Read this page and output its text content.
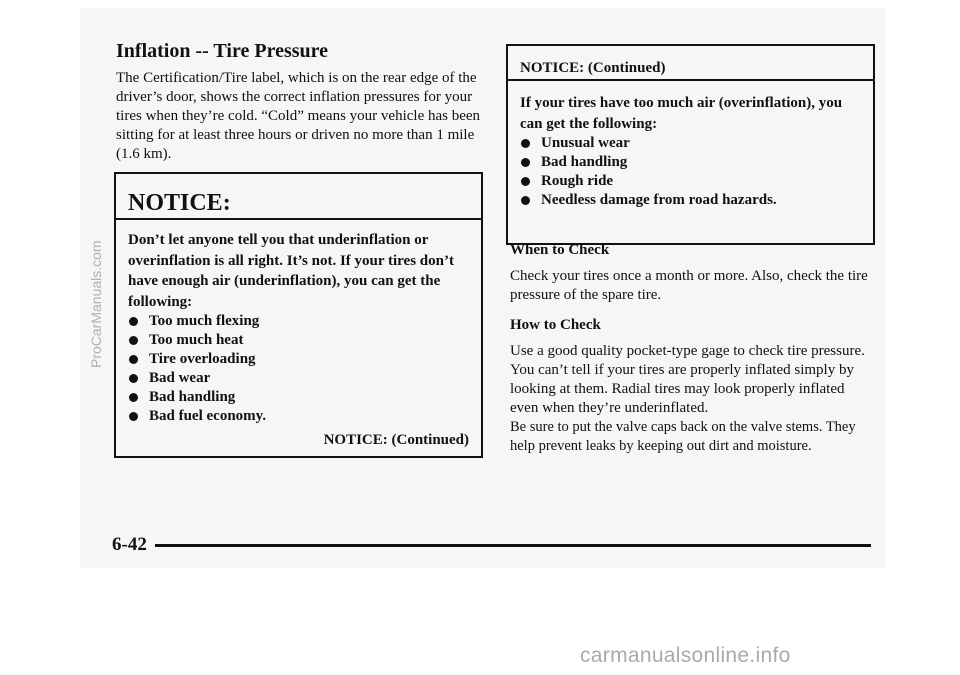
Inflation -- Tire Pressure

The Certification/Tire label, which is on the rear edge of the driver’s door, shows the correct inflation pressures for your tires when they’re cold. “Cold” means your vehicle has been sitting for at least three hours or driven no more than 1 mile (1.6 km).

NOTICE:

Don’t let anyone tell you that underinflation or overinflation is all right. It’s not. If your tires don’t have enough air (underinflation), you can get the following:

Too much flexing
Too much heat
Tire overloading
Bad wear
Bad handling
Bad fuel economy.
NOTICE: (Continued)
NOTICE: (Continued)

If your tires have too much air (overinflation), you can get the following:

Unusual wear
Bad handling
Rough ride
Needless damage from road hazards.
When to Check

Check your tires once a month or more. Also, check the tire pressure of the spare tire.

How to Check

Use a good quality pocket-type gage to check tire pressure. You can’t tell if your tires are properly inflated simply by looking at them. Radial tires may look properly inflated even when they’re underinflated.

Be sure to put the valve caps back on the valve stems. They help prevent leaks by keeping out dirt and moisture.

6-42
ProCarManuals.com
carmanualsonline.info
